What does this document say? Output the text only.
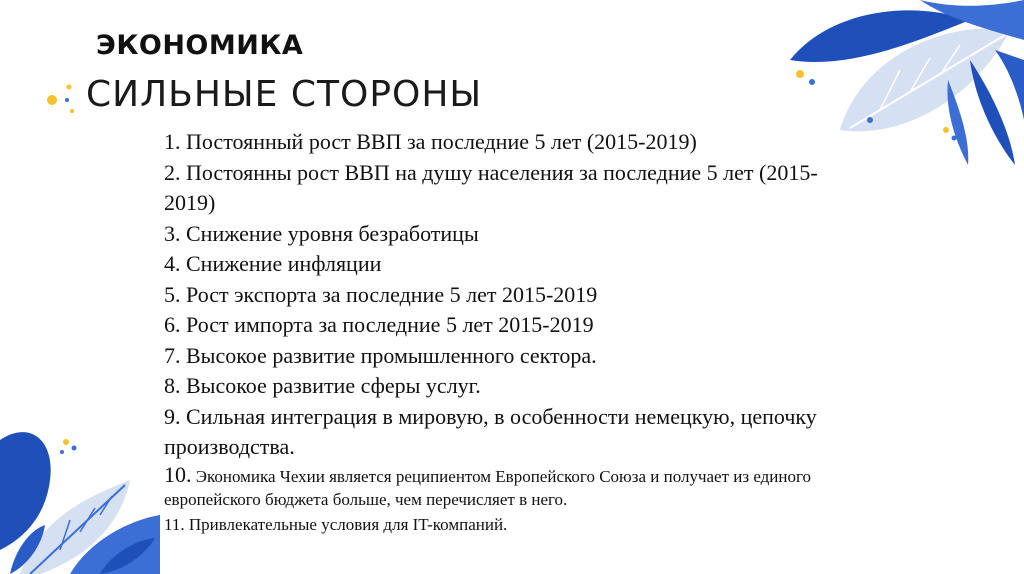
ЭКОНОМИКА
СИЛЬНЫЕ СТОРОНЫ
1. Постоянный рост ВВП за последние 5 лет (2015-2019)
2. Постоянны рост ВВП на душу населения за последние 5 лет (2015-2019)
3. Снижение уровня безработицы
4. Снижение инфляции
5. Рост экспорта за последние 5 лет 2015-2019
6. Рост импорта за последние 5 лет 2015-2019
7. Высокое развитие промышленного сектора.
8. Высокое развитие сферы услуг.
9. Сильная интеграция в мировую, в особенности немецкую, цепочку производства.
10. Экономика Чехии является реципиентом Европейского Союза и получает из единого европейского бюджета больше, чем перечисляет в него.
11. Привлекательные условия для IT-компаний.
